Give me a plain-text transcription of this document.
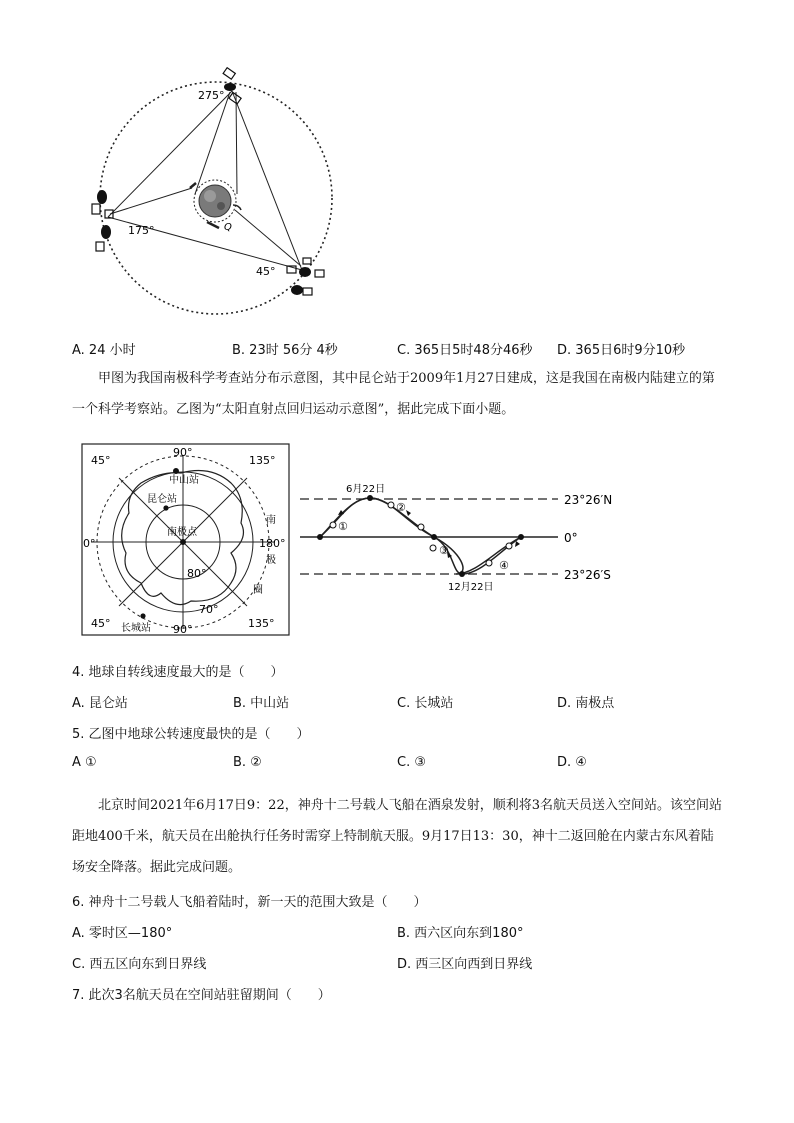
275°
175°
45°
Q
A. 24 小时	B. 23时 56分 4秒	C. 365日5时48分46秒 D. 365日6时9分10秒
甲图为我国南极科学考查站分布示意图，其中昆仑站于2009年1月27日建成，这是我国在南极内陆建立的第一个科学考察站。乙图为“太阳直射点回归运动示意图”，据此完成下面小题。
90°
45°	135°
0°	180°
45°	90°	135°
80°
70°
中山站
昆仑站
南极点
长城站
南
极
圈
6月22日
12月22日
23°26′N
0°
23°26′S
①
②
③
④
4. 地球自转线速度最大的是（　　）
A. 昆仑站	B. 中山站	C. 长城站	D. 南极点
5. 乙图中地球公转速度最快的是（　　）
A ①	B. ②	C. ③	D. ④
北京时间2021年6月17日9：22，神舟十二号载人飞船在酒泉发射，顺利将3名航天员送入空间站。该空间站距地400千米，航天员在出舱执行任务时需穿上特制航天服。9月17日13：30，神十二返回舱在内蒙古东风着陆场安全降落。据此完成问题。
6. 神舟十二号载人飞船着陆时，新一天的范围大致是（　　）
A. 零时区—180°	B. 西六区向东到180°
C. 西五区向东到日界线	D. 西三区向西到日界线
7. 此次3名航天员在空间站驻留期间（　　）
